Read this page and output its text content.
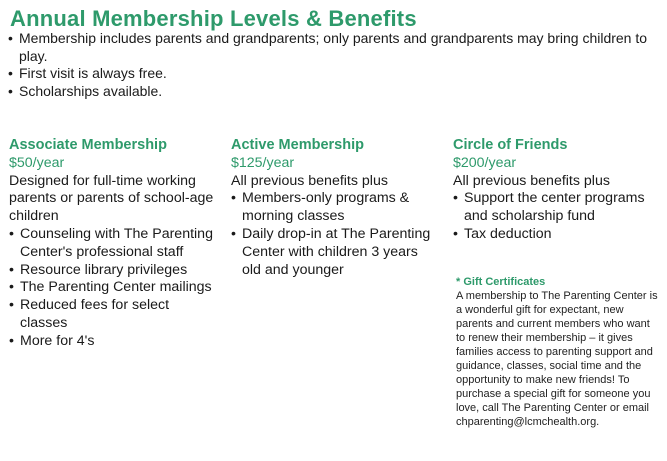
Annual Membership Levels & Benefits
• Membership includes parents and grandparents; only parents and grandparents may bring children to play.
• First visit is always free.
• Scholarships available.
Associate Membership
$50/year
Designed for full-time working parents or parents of school-age children
• Counseling with The Parenting Center's professional staff
• Resource library privileges
• The Parenting Center mailings
• Reduced fees for select classes
• More for 4's
Active Membership
$125/year
All previous benefits plus
• Members-only programs & morning classes
• Daily drop-in at The Parenting Center with children 3 years old and younger
Circle of Friends
$200/year
All previous benefits plus
• Support the center programs and scholarship fund
• Tax deduction
* Gift Certificates

A membership to The Parenting Center is a wonderful gift for expectant, new parents and current members who want to renew their membership – it gives families access to parenting support and guidance, classes, social time and the opportunity to make new friends! To purchase a special gift for someone you love, call The Parenting Center or email chparenting@lcmchealth.org.
